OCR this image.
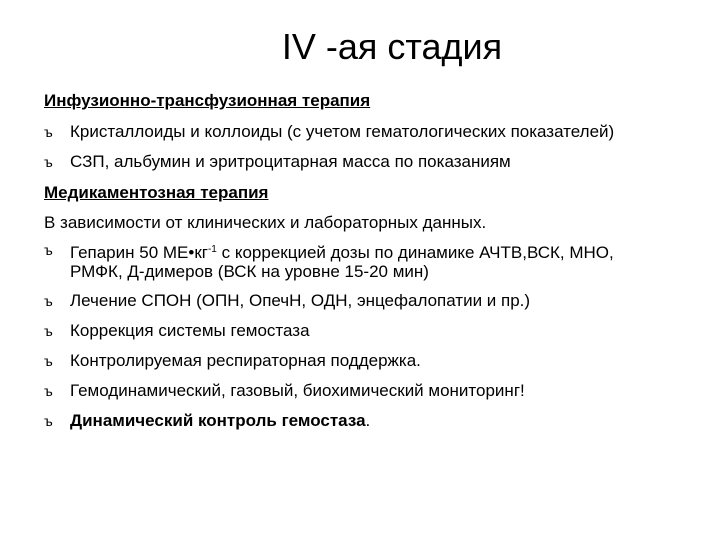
IV -ая стадия
Инфузионно-трансфузионная терапия
ъ Кристаллоиды и коллоиды (с учетом гематологических показателей)
ъ СЗП, альбумин и эритроцитарная масса по показаниям
Медикаментозная терапия
В зависимости от клинических и лабораторных данных.
ъ Гепарин 50 $МЕ•кг^{-1}$ с коррекцией дозы по динамике АЧТВ,ВСК, МНО,
РМФК, Д-димеров (ВСК на уровне 15-20 мин)
ъ Лечение СПОН (ОПН, ОпечН, ОДН, энцефалопатии и пр.)
ъ Коррекция системы гемостаза
ъ Контролируемая респираторная поддержка.
ъ Гемодинамический, газовый, биохимический мониторинг!
ъ Динамический контроль гемостаза.
